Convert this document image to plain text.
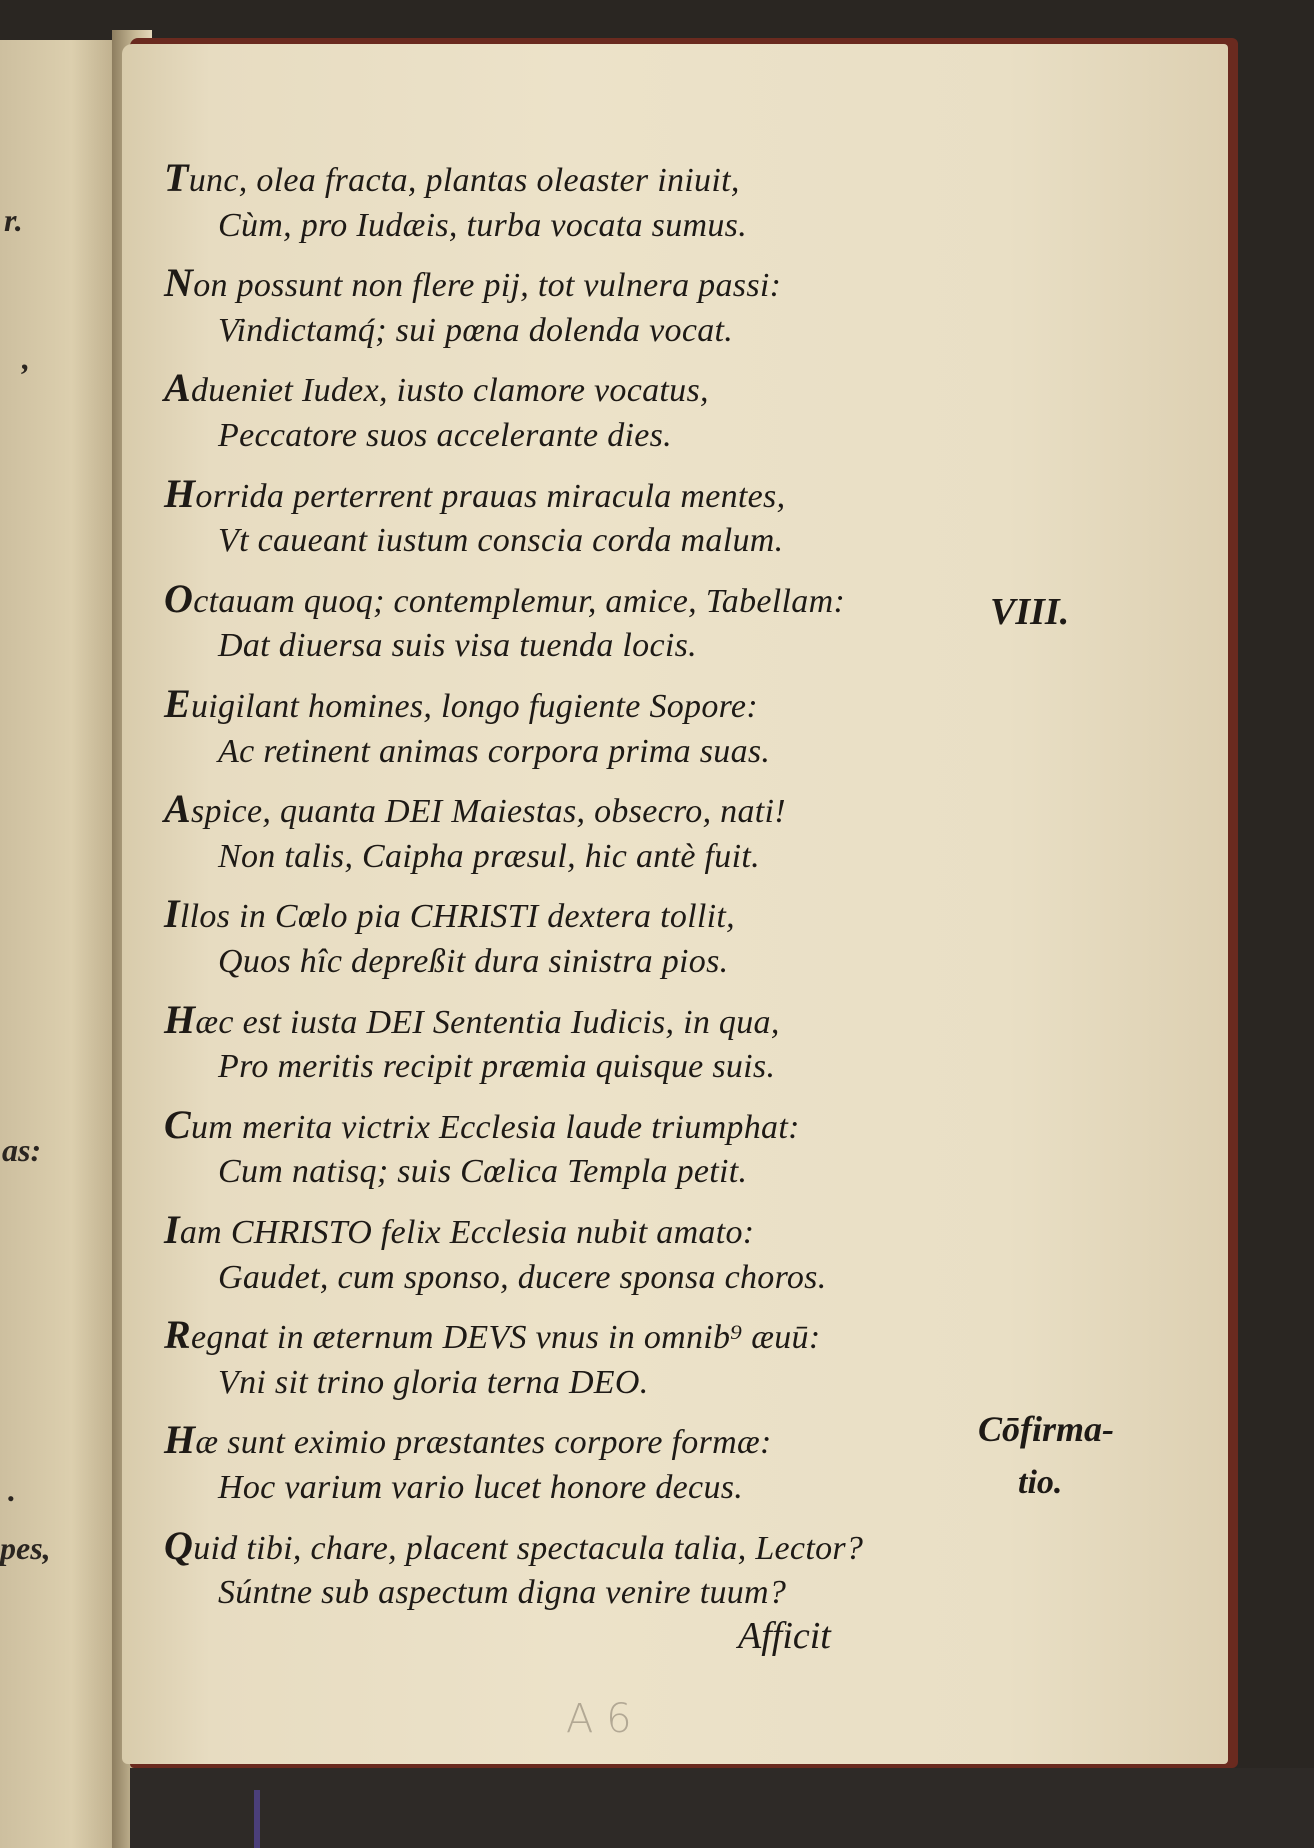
r.
,
as:
.
pes,
Tunc, olea fracta, plantas oleaster iniuit,
Cùm, pro Iudæis, turba vocata sumus.
Non possunt non flere pij, tot vulnera passi:
Vindictamq́; sui pœna dolenda vocat.
Adueniet Iudex, iusto clamore vocatus,
Peccatore suos accelerante dies.
Horrida perterrent prauas miracula mentes,
Vt caueant iustum conscia corda malum.
Octauam quoq; contemplemur, amice, Tabellam:
Dat diuersa suis visa tuenda locis.
Euigilant homines, longo fugiente Sopore:
Ac retinent animas corpora prima suas.
Aspice, quanta DEI Maiestas, obsecro, nati!
Non talis, Caipha præsul, hic antè fuit.
Illos in Cœlo pia CHRISTI dextera tollit,
Quos hîc depreßit dura sinistra pios.
Hæc est iusta DEI Sententia Iudicis, in qua,
Pro meritis recipit præmia quisque suis.
Cum merita victrix Ecclesia laude triumphat:
Cum natisq; suis Cœlica Templa petit.
Iam CHRISTO felix Ecclesia nubit amato:
Gaudet, cum sponso, ducere sponsa choros.
Regnat in æternum DEVS vnus in omnib⁹ æuū:
Vni sit trino gloria terna DEO.
Hæ sunt eximio præstantes corpore formæ:
Hoc varium vario lucet honore decus.
Quid tibi, chare, placent spectacula talia, Lector?
Súntne sub aspectum digna venire tuum?
VIII.
Cōfirma-
tio.
Afficit
A 6
